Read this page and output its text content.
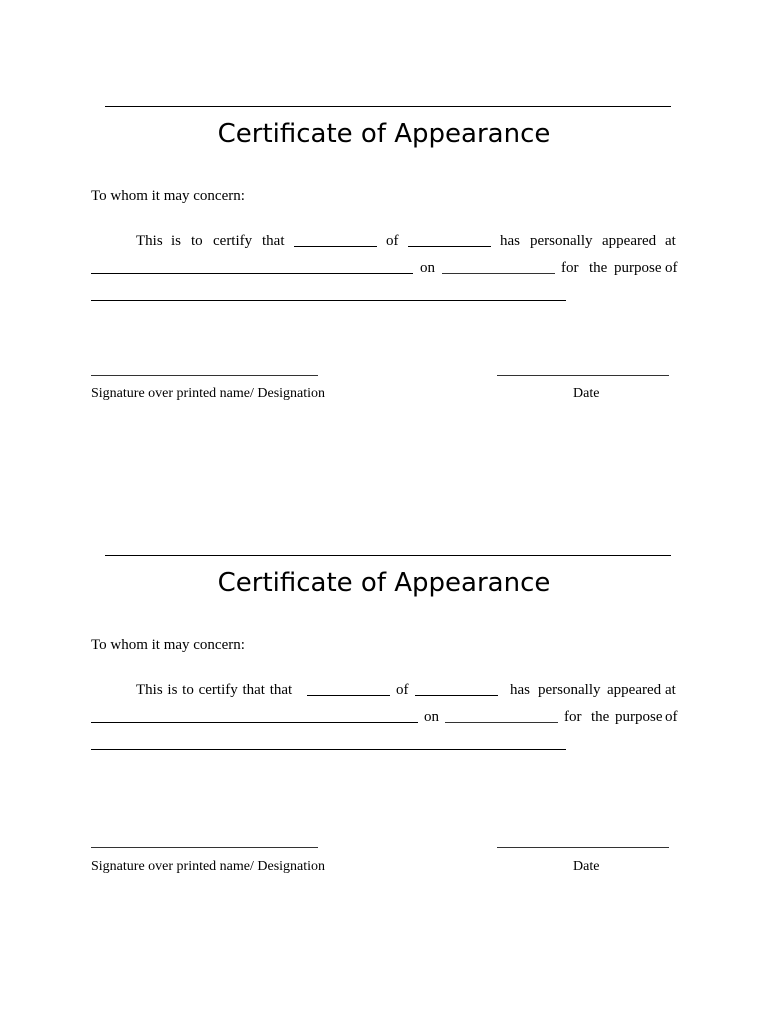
Certificate of Appearance
To whom it may concern:
This is to certify that	of	has personally appeared at
on	for the purpose of
Signature over printed name/ Designation	Date
Certificate of Appearance
To whom it may concern:
This is to certify that that	of	has personally appeared at
on	for the purpose of
Signature over printed name/ Designation	Date
